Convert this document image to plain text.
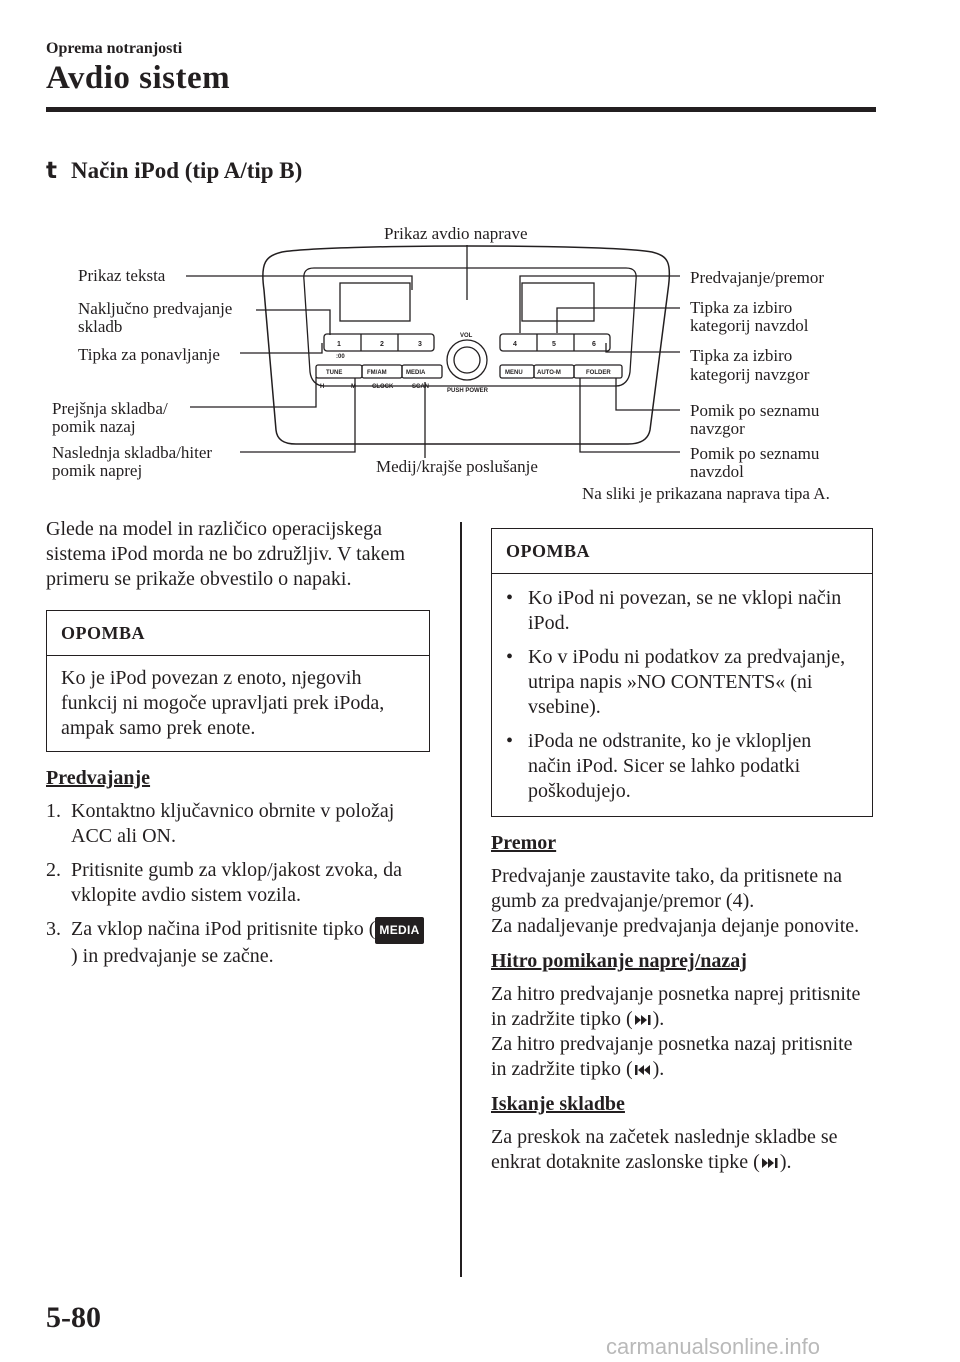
Oprema notranjosti
Avdio sistem
t Način iPod (tip A/tip B)
1	2	3	4	5	6
:00
TUNE	FM/AM	MEDIA	MENU AUTO-M	FOLDER
H	M	CLOCK	SCAN
VOL
PUSH POWER
Prikaz avdio naprave
Prikaz teksta
Naključno predvajanje
skladb
Tipka za ponavljanje
Prejšnja skladba/
pomik nazaj
Naslednja skladba/hiter
pomik naprej	Medij/krajše poslušanje
Predvajanje/premor
Tipka za izbiro
kategorij navzdol
Tipka za izbiro
kategorij navzgor
Pomik po seznamu
navzgor
Pomik po seznamu
navzdol
Na sliki je prikazana naprava tipa A.

Glede na model in različico operacijskega sistema iPod morda ne bo združljiv. V takem primeru se prikaže obvestilo o napaki.

OPOMBA
Ko je iPod povezan z enoto, njegovih funkcij ni mogoče upravljati prek iPoda, ampak samo prek enote.

Predvajanje

1. Kontaktno ključavnico obrnite v položaj ACC ali ON.
2. Pritisnite gumb za vklop/jakost zvoka, da vklopite avdio sistem vozila.
3. Za vklop načina iPod pritisnite tipko ( MEDIA) in predvajanje se začne.
OPOMBA
• Ko iPod ni povezan, se ne vklopi način iPod.
• Ko v iPodu ni podatkov za predvajanje, utripa napis »NO CONTENTS« (ni vsebine).
• iPoda ne odstranite, ko je vklopljen način iPod. Sicer se lahko podatki poškodujejo.

Premor

Predvajanje zaustavite tako, da pritisnete na gumb za predvajanje/premor (4).

Za nadaljevanje predvajanja dejanje ponovite.

Hitro pomikanje naprej/nazaj

Za hitro predvajanje posnetka naprej pritisnite in zadržite tipko ( ).

Za hitro predvajanje posnetka nazaj pritisnite in zadržite tipko ( ).

Iskanje skladbe

Za preskok na začetek naslednje skladbe se enkrat dotaknite zaslonske tipke ( ).

5-80
carmanualsonline.info
